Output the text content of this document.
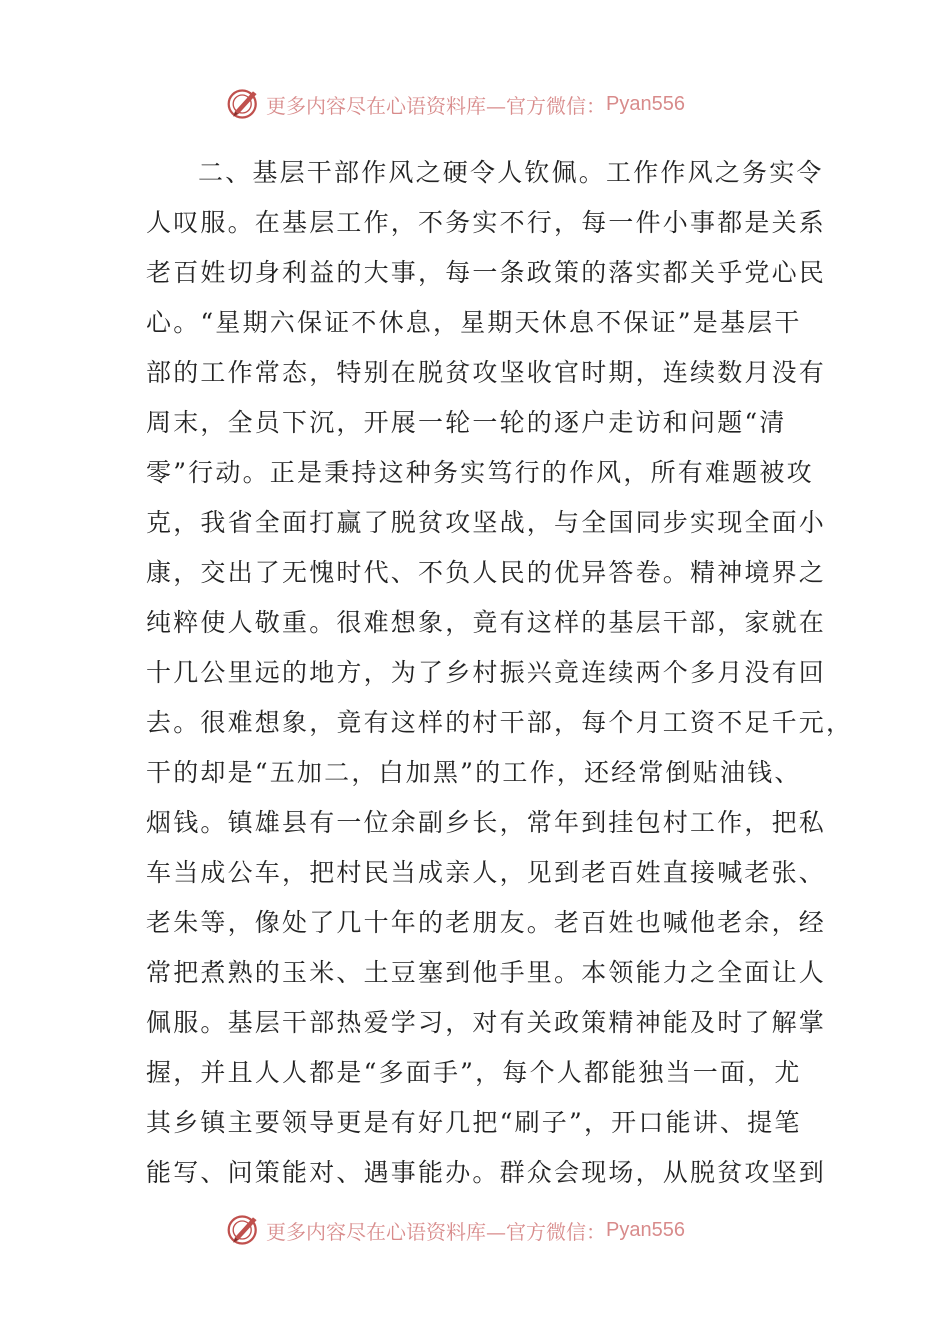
更多内容尽在心语资料库—官方微信： Pyan556
二、基层干部作风之硬令人钦佩。工作作风之务实令
人叹服。在基层工作，不务实不行，每一件小事都是关系
老百姓切身利益的大事，每一条政策的落实都关乎党心民
心。“星期六保证不休息，星期天休息不保证”是基层干
部的工作常态，特别在脱贫攻坚收官时期，连续数月没有
周末，全员下沉，开展一轮一轮的逐户走访和问题“清
零”行动。正是秉持这种务实笃行的作风，所有难题被攻
克，我省全面打赢了脱贫攻坚战，与全国同步实现全面小
康，交出了无愧时代、不负人民的优异答卷。精神境界之
纯粹使人敬重。很难想象，竟有这样的基层干部，家就在
十几公里远的地方，为了乡村振兴竟连续两个多月没有回
去。很难想象，竟有这样的村干部，每个月工资不足千元，
干的却是“五加二，白加黑”的工作，还经常倒贴油钱、
烟钱。镇雄县有一位余副乡长，常年到挂包村工作，把私
车当成公车，把村民当成亲人，见到老百姓直接喊老张、
老朱等，像处了几十年的老朋友。老百姓也喊他老余，经
常把煮熟的玉米、土豆塞到他手里。本领能力之全面让人
佩服。基层干部热爱学习，对有关政策精神能及时了解掌
握，并且人人都是“多面手”，每个人都能独当一面，尤
其乡镇主要领导更是有好几把“刷子”，开口能讲、提笔
能写、问策能对、遇事能办。群众会现场，从脱贫攻坚到
更多内容尽在心语资料库—官方微信： Pyan556
